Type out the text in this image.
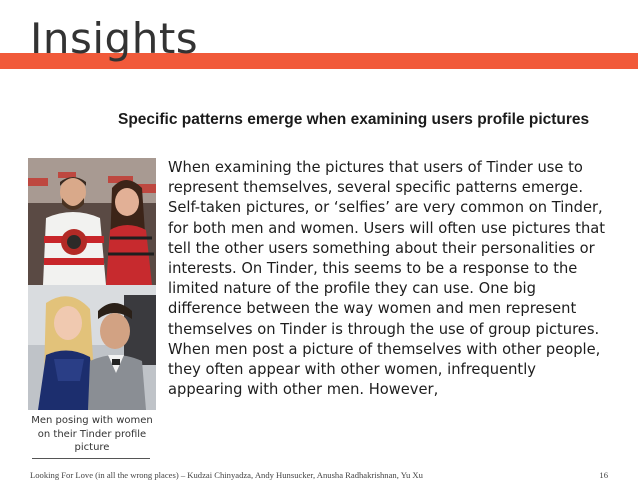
Insights
Specific patterns emerge when examining users profile pictures
When examining the pictures that users of Tinder use to represent themselves, several specific patterns emerge. Self-taken pictures, or ‘selfies’ are very common on Tinder, for both men and women. Users will often use pictures that tell the other users something about their personalities or interests. On Tinder, this seems to be a response to the limited nature of the profile they can use. One big difference between the way women and men represent themselves on Tinder is through the use of group pictures. When men post a picture of themselves with other people, they often appear with other women, infrequently appearing with other men. However,
Men posing with women on their Tinder profile picture
Looking For Love (in all the wrong places) – Kudzai Chinyadza, Andy Hunsucker, Anusha Radhakrishnan, Yu Xu	16
